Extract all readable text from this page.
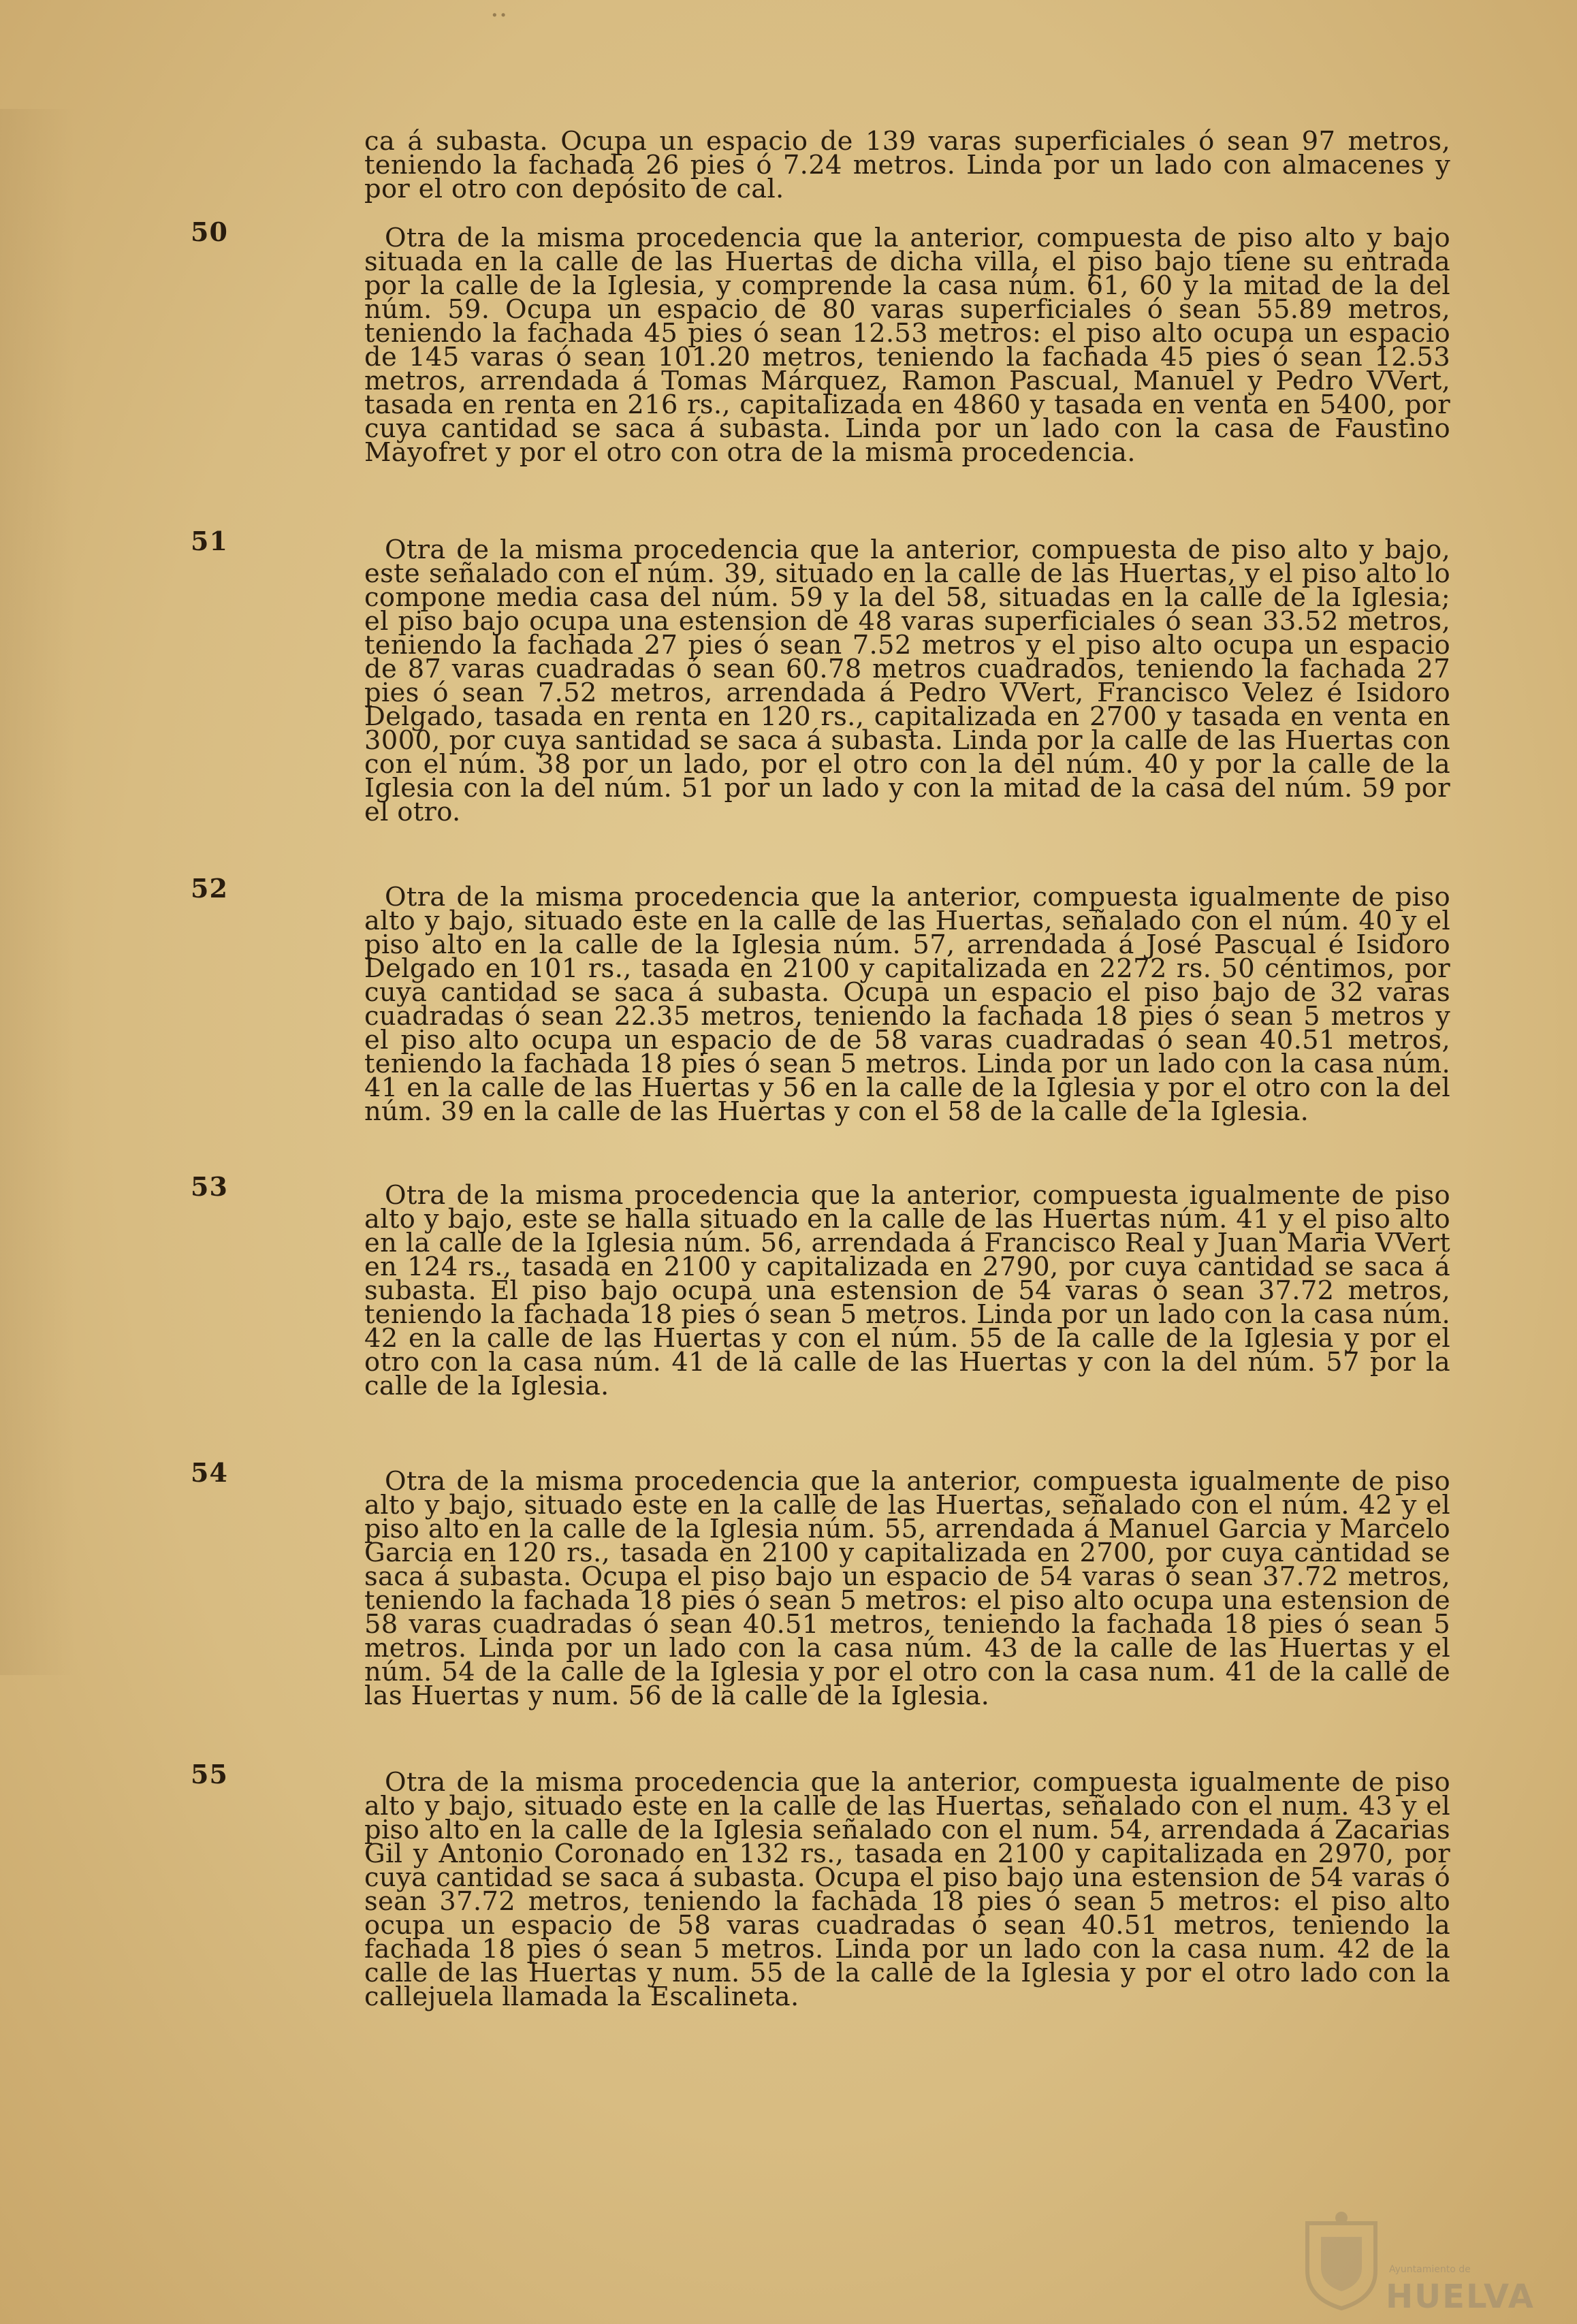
··
50
51
52
53
54
55

ca á subasta. Ocupa un espacio de 139 varas superficiales ó sean 97 metros, teniendo la fachada 26 pies ó 7.24 metros. Linda por un lado con almacenes y por el otro con depósito de cal.

Otra de la misma procedencia que la anterior, compuesta de piso alto y bajo situada en la calle de las Huertas de dicha villa, el piso bajo tiene su entrada por la calle de la Iglesia, y comprende la casa núm. 61, 60 y la mitad de la del núm. 59. Ocupa un espacio de 80 varas superficiales ó sean 55.89 metros, teniendo la fachada 45 pies ó sean 12.53 metros: el piso alto ocupa un espacio de 145 varas ó sean 101.20 metros, teniendo la fachada 45 pies ó sean 12.53 metros, arrendada á Tomas Márquez, Ramon Pascual, Manuel y Pedro VVert, tasada en renta en 216 rs., capitalizada en 4860 y tasada en venta en 5400, por cuya cantidad se saca á subasta. Linda por un lado con la casa de Faustino Mayofret y por el otro con otra de la misma procedencia.

Otra de la misma procedencia que la anterior, compuesta de piso alto y bajo, este señalado con el núm. 39, situado en la calle de las Huertas, y el piso alto lo compone media casa del núm. 59 y la del 58, situadas en la calle de la Iglesia; el piso bajo ocupa una estension de 48 varas superficiales ó sean 33.52 metros, teniendo la fachada 27 pies ó sean 7.52 metros y el piso alto ocupa un espacio de 87 varas cuadradas ó sean 60.78 metros cuadrados, teniendo la fachada 27 pies ó sean 7.52 metros, arrendada á Pedro VVert, Francisco Velez é Isidoro Delgado, tasada en renta en 120 rs., capitalizada en 2700 y tasada en venta en 3000, por cuya santidad se saca á subasta. Linda por la calle de las Huertas con con el núm. 38 por un lado, por el otro con la del núm. 40 y por la calle de la Iglesia con la del núm. 51 por un lado y con la mitad de la casa del núm. 59 por el otro.

Otra de la misma procedencia que la anterior, compuesta igualmente de piso alto y bajo, situado este en la calle de las Huertas, señalado con el núm. 40 y el piso alto en la calle de la Iglesia núm. 57, arrendada á José Pascual é Isidoro Delgado en 101 rs., tasada en 2100 y capitalizada en 2272 rs. 50 céntimos, por cuya cantidad se saca á subasta. Ocupa un espacio el piso bajo de 32 varas cuadradas ó sean 22.35 metros, teniendo la fachada 18 pies ó sean 5 metros y el piso alto ocupa un espacio de de 58 varas cuadradas ó sean 40.51 metros, teniendo la fachada 18 pies ó sean 5 metros. Linda por un lado con la casa núm. 41 en la calle de las Huertas y 56 en la calle de la Iglesia y por el otro con la del núm. 39 en la calle de las Huertas y con el 58 de la calle de la Iglesia.

Otra de la misma procedencia que la anterior, compuesta igualmente de piso alto y bajo, este se halla situado en la calle de las Huertas núm. 41 y el piso alto en la calle de la Iglesia núm. 56, arrendada á Francisco Real y Juan Maria VVert en 124 rs., tasada en 2100 y capitalizada en 2790, por cuya cantidad se saca á subasta. El piso bajo ocupa una estension de 54 varas ó sean 37.72 metros, teniendo la fachada 18 pies ó sean 5 metros. Linda por un lado con la casa núm. 42 en la calle de las Huertas y con el núm. 55 de la calle de la Iglesia y por el otro con la casa núm. 41 de la calle de las Huertas y con la del núm. 57 por la calle de la Iglesia.

Otra de la misma procedencia que la anterior, compuesta igualmente de piso alto y bajo, situado este en la calle de las Huertas, señalado con el núm. 42 y el piso alto en la calle de la Iglesia núm. 55, arrendada á Manuel Garcia y Marcelo Garcia en 120 rs., tasada en 2100 y capitalizada en 2700, por cuya cantidad se saca á subasta. Ocupa el piso bajo un espacio de 54 varas ó sean 37.72 metros, teniendo la fachada 18 pies ó sean 5 metros: el piso alto ocupa una estension de 58 varas cuadradas ó sean 40.51 metros, teniendo la fachada 18 pies ó sean 5 metros. Linda por un lado con la casa núm. 43 de la calle de las Huertas y el núm. 54 de la calle de la Iglesia y por el otro con la casa num. 41 de la calle de las Huertas y num. 56 de la calle de la Iglesia.

Otra de la misma procedencia que la anterior, compuesta igualmente de piso alto y bajo, situado este en la calle de las Huertas, señalado con el num. 43 y el piso alto en la calle de la Iglesia señalado con el num. 54, arrendada á Zacarias Gil y Antonio Coronado en 132 rs., tasada en 2100 y capitalizada en 2970, por cuya cantidad se saca á subasta. Ocupa el piso bajo una estension de 54 varas ó sean 37.72 metros, teniendo la fachada 18 pies ó sean 5 metros: el piso alto ocupa un espacio de 58 varas cuadradas ó sean 40.51 metros, teniendo la fachada 18 pies ó sean 5 metros. Linda por un lado con la casa num. 42 de la calle de las Huertas y num. 55 de la calle de la Iglesia y por el otro lado con la callejuela llamada la Escalineta.

Ayuntamiento de
HUELVA
